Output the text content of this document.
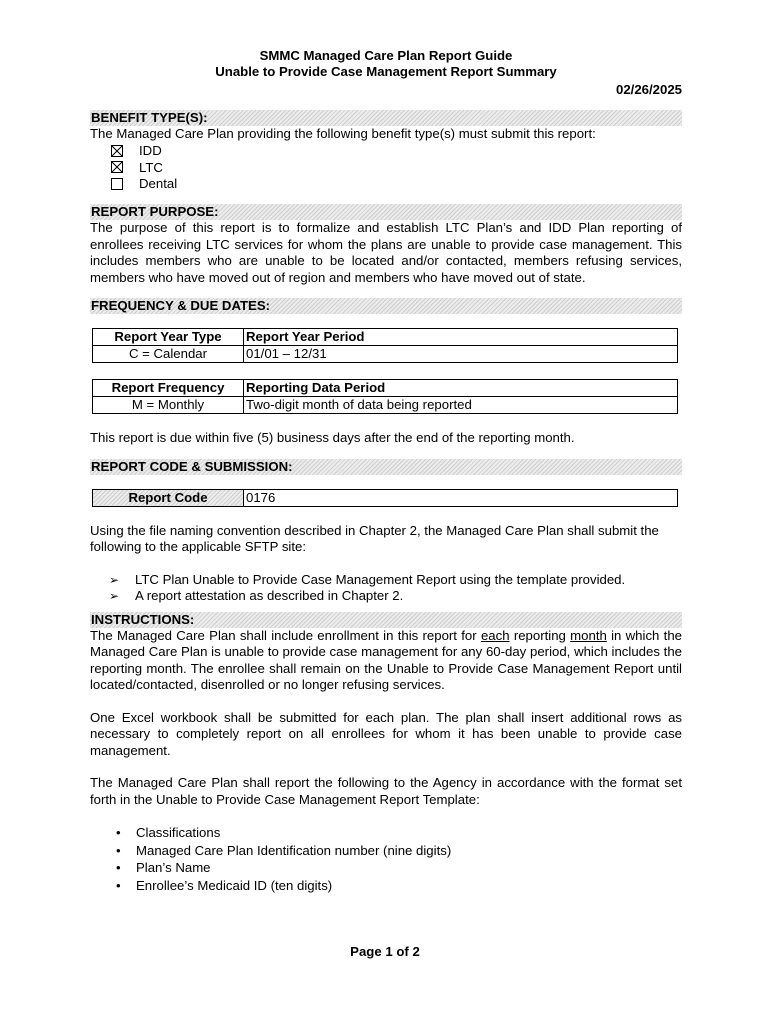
SMMC Managed Care Plan Report Guide
Unable to Provide Case Management Report Summary
02/26/2025
BENEFIT TYPE(S):
The Managed Care Plan providing the following benefit type(s) must submit this report:
IDD
LTC
Dental
REPORT PURPOSE:
The purpose of this report is to formalize and establish LTC Plan’s and IDD Plan reporting of enrollees receiving LTC services for whom the plans are unable to provide case management. This includes members who are unable to be located and/or contacted, members refusing services, members who have moved out of region and members who have moved out of state.
FREQUENCY & DUE DATES:
Report Year Type	Report Year Period
C = Calendar	01/01 – 12/31
Report Frequency	Reporting Data Period
M = Monthly	Two-digit month of data being reported
This report is due within five (5) business days after the end of the reporting month.
REPORT CODE & SUBMISSION:
Report Code	0176
Using the file naming convention described in Chapter 2, the Managed Care Plan shall submit the following to the applicable SFTP site:
➢	LTC Plan Unable to Provide Case Management Report using the template provided.
➢	A report attestation as described in Chapter 2.
INSTRUCTIONS:
The Managed Care Plan shall include enrollment in this report for each reporting month in which the Managed Care Plan is unable to provide case management for any 60-day period, which includes the reporting month. The enrollee shall remain on the Unable to Provide Case Management Report until located/contacted, disenrolled or no longer refusing services.
One Excel workbook shall be submitted for each plan. The plan shall insert additional rows as necessary to completely report on all enrollees for whom it has been unable to provide case management.
The Managed Care Plan shall report the following to the Agency in accordance with the format set forth in the Unable to Provide Case Management Report Template:
•	Classifications
•	Managed Care Plan Identification number (nine digits)
•	Plan’s Name
•	Enrollee’s Medicaid ID (ten digits)
Page 1 of 2
